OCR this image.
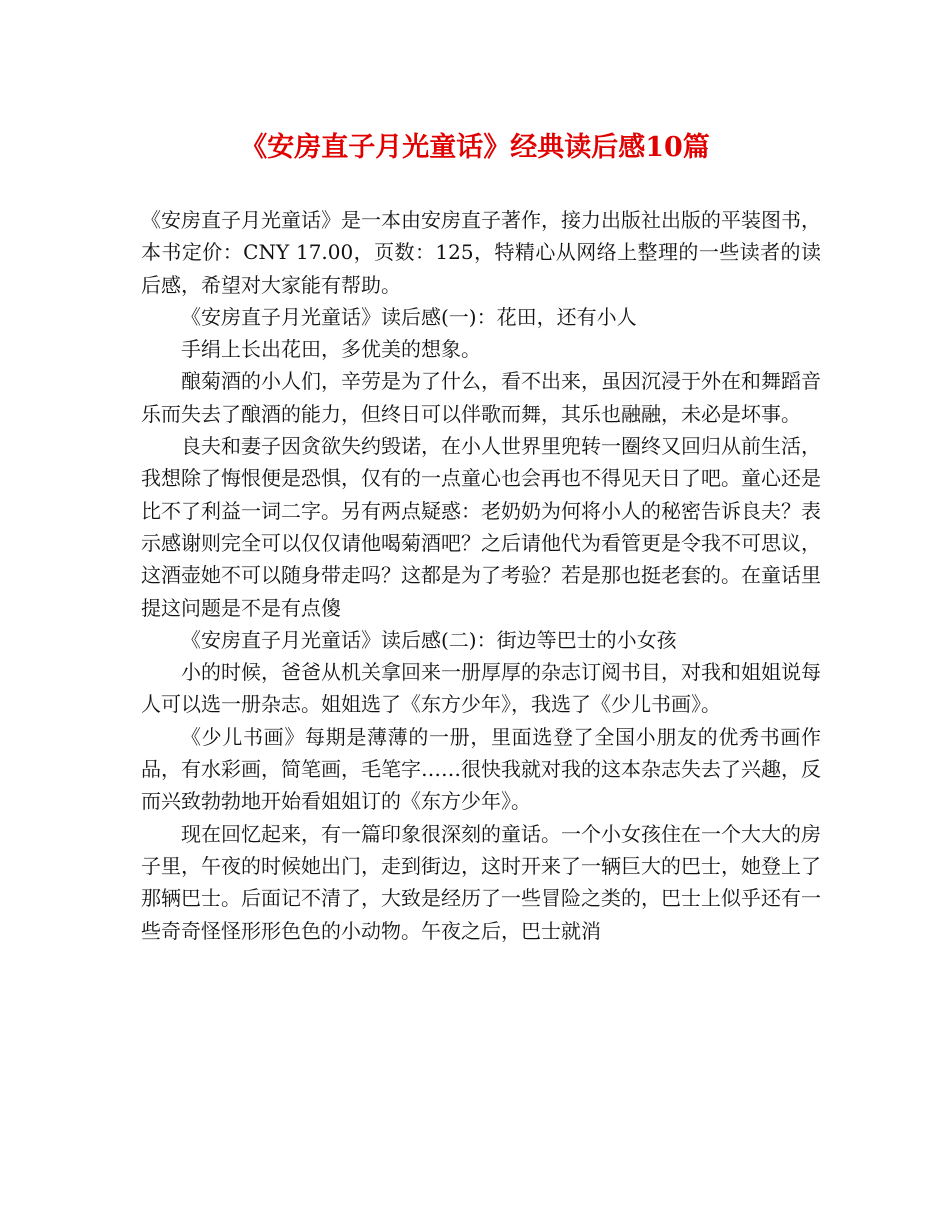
《安房直子月光童话》经典读后感10篇

《安房直子月光童话》是一本由安房直子著作，接力出版社出版的平装图书，本书定价：CNY 17.00，页数：125，特精心从网络上整理的一些读者的读后感，希望对大家能有帮助。

《安房直子月光童话》读后感(一)：花田，还有小人

手绢上长出花田，多优美的想象。

酿菊酒的小人们，辛劳是为了什么，看不出来，虽因沉浸于外在和舞蹈音乐而失去了酿酒的能力，但终日可以伴歌而舞，其乐也融融，未必是坏事。

良夫和妻子因贪欲失约毁诺，在小人世界里兜转一圈终又回归从前生活，我想除了悔恨便是恐惧，仅有的一点童心也会再也不得见天日了吧。童心还是比不了利益一词二字。另有两点疑惑：老奶奶为何将小人的秘密告诉良夫？表示感谢则完全可以仅仅请他喝菊酒吧？之后请他代为看管更是令我不可思议，这酒壶她不可以随身带走吗？这都是为了考验？若是那也挺老套的。在童话里提这问题是不是有点傻

《安房直子月光童话》读后感(二)：街边等巴士的小女孩

小的时候，爸爸从机关拿回来一册厚厚的杂志订阅书目，对我和姐姐说每人可以选一册杂志。姐姐选了《东方少年》，我选了《少儿书画》。

《少儿书画》每期是薄薄的一册，里面选登了全国小朋友的优秀书画作品，有水彩画，简笔画，毛笔字……很快我就对我的这本杂志失去了兴趣，反而兴致勃勃地开始看姐姐订的《东方少年》。

现在回忆起来，有一篇印象很深刻的童话。一个小女孩住在一个大大的房子里，午夜的时候她出门，走到街边，这时开来了一辆巨大的巴士，她登上了那辆巴士。后面记不清了，大致是经历了一些冒险之类的，巴士上似乎还有一些奇奇怪怪形形色色的小动物。午夜之后，巴士就消
